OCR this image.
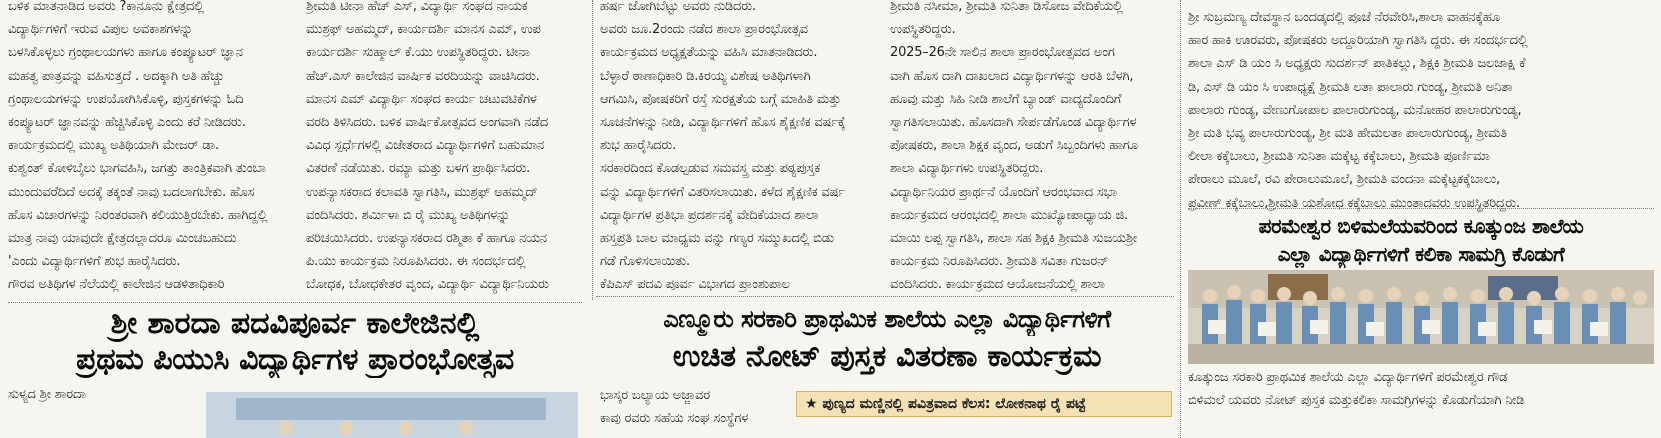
ಬಳಿಕ ಮಾತನಾಡಿದ ಅವರು ?ಕಾನೂನು ಕ್ಷೇತ್ರದಲ್ಲಿ

ವಿದ್ಯಾರ್ಥಿಗಳಿಗೆ ಇರುವ ವಿಪುಲ ಅವಕಾಶಗಳನ್ನು

ಬಳಸಿಕೊಳ್ಳಲು ಗ್ರಂಥಾಲಯಗಳು ಹಾಗೂ ಕಂಪ್ಯೂಟರ್ ಜ್ಞಾನ

ಮಹತ್ವ ಪಾತ್ರವನ್ನು ವಹಿಸುತ್ತದೆ . ಅದಕ್ಕಾಗಿ ಅತಿ ಹೆಚ್ಚು

ಗ್ರಂಥಾಲಯಗಳನ್ನು ಉಪಯೋಗಿಸಿಕೊಳ್ಳಿ, ಪುಸ್ತಕಗಳನ್ನು ಓದಿ

ಕಂಪ್ಯೂಟರ್ ಜ್ಞಾನವನ್ನು ಹೆಚ್ಚಿಸಿಕೊಳ್ಳಿ ಎಂದು ಕರೆ ನೀಡಿದರು.

ಕಾರ್ಯಕ್ರಮದಲ್ಲಿ ಮುಖ್ಯ ಅತಿಥಿಯಾಗಿ ಮೇಜರ್ ಡಾ.

ಕುಶ್ವಂತ್ ಕೋಳಿಬೈಲು ಭಾಗವಹಿಸಿ, ಜಗತ್ತು ತಾಂತ್ರಿಕವಾಗಿ ತುಂಬಾ

ಮುಂದುವರೆದಿದೆ ಅದಕ್ಕೆ ತಕ್ಕಂತೆ ನಾವು ಬದಲಾಗಬೇಕು. ಹೊಸ

ಹೊಸ ವಿಚಾರಗಳನ್ನು ನಿರಂತರವಾಗಿ ಕಲಿಯುತ್ತಿರಬೇಕು. ಹಾಗಿದ್ದಲ್ಲಿ

ಮಾತ್ರ ನಾವು ಯಾವುದೇ ಕ್ಷೇತ್ರದಲ್ಲಾದರೂ ಮಿಂಚಬಹುದು

'ಎಂದು ವಿದ್ಯಾರ್ಥಿಗಳಿಗೆ ಶುಭ ಹಾರೈಸಿದರು.

ಗೌರವ ಅತಿಥಿಗಳ ನೆಲೆಯಲ್ಲಿ ಕಾಲೇಜಿನ ಆಡಳಿತಾಧಿಕಾರಿ

ಶ್ರೀಮತಿ ಟೀನಾ ಹೆಚ್ ಎಸ್, ವಿದ್ಯಾರ್ಥಿ ಸಂಘದ ನಾಯಕ

ಮುಶ್ರಫ್ ಅಹಮ್ಮದ್, ಕಾರ್ಯದರ್ಶಿ ಮಾನಸ ಎಮ್, ಉಪ

ಕಾರ್ಯದರ್ಶಿ ಸುಹ್ಮಾಲ್ ಕೆ.ಯು ಉಪಸ್ಥಿತರಿದ್ದರು. ಟೀನಾ

ಹೆಚ್.ಎಸ್ ಕಾಲೇಜಿನ ವಾರ್ಷಿಕ ವರದಿಯನ್ನು ವಾಚಿಸಿದರು.

ಮಾನಸ ಎಮ್ ವಿದ್ಯಾರ್ಥಿ ಸಂಘದ ಕಾರ್ಯ ಚಟುವಟಿಕೆಗಳ

ವರದಿ ತಿಳಿಸಿದರು. ಬಳಿಕ ವಾರ್ಷಿಕೋತ್ಸವದ ಅಂಗವಾಗಿ ನಡೆದ

ವಿವಿಧ ಸ್ಪರ್ಧೆಗಳಲ್ಲಿ ವಿಜೇತರಾದ ವಿದ್ಯಾರ್ಥಿಗಳಿಗೆ ಬಹುಮಾನ

ವಿತರಣೆ ನಡೆಯಿತು. ರಮ್ಯಾ ಮತ್ತು ಬಳಗ ಪ್ರಾರ್ಥಿಸಿದರು.

ಉಪನ್ಯಾಸಕರಾದ ಕಲಾವತಿ ಸ್ವಾಗತಿಸಿ, ಮುಶ್ರಫ್ ಅಹಮ್ಮದ್

ವಂದಿಸಿದರು. ಶರ್ಮಿಳಾ ಬಿ ರೈ ಮುಖ್ಯ ಅತಿಥಿಗಳನ್ನು

ಪರಿಚಯಿಸಿದರು. ಉಪನ್ಯಾಸಕರಾದ ರಶ್ಮಿತಾ ಕೆ ಹಾಗೂ ನಯನ

ಪಿ.ಯು ಕಾರ್ಯಕ್ರಮ ನಿರೂಪಿಸಿದರು. ಈ ಸಂದರ್ಭದಲ್ಲಿ

ಬೋಧಕ, ಬೋಧಕೇತರ ವೃಂದ, ವಿದ್ಯಾರ್ಥಿ ವಿದ್ಯಾರ್ಥಿನಿಯರು

ಹರ್ಷ ಜೋಗಿಬೆಟ್ಟು ಅವರು ನುಡಿದರು.

ಅವರು ಜೂ.2ರಂದು ನಡೆದ ಶಾಲಾ ಪ್ರಾರಂಭೋತ್ಸವ

ಕಾರ್ಯಕ್ರಮದ ಅಧ್ಯಕ್ಷತೆಯನ್ನು ವಹಿಸಿ ಮಾತನಾಡಿದರು.

ಬೆಳ್ಳಾರೆ ಠಾಣಾಧಿಕಾರಿ ಡಿ.ಕಿರಯ್ಯ ವಿಶೇಷ ಅತಿಥಿಗಳಾಗಿ

ಆಗಮಿಸಿ, ಪೋಷಕರಿಗೆ ರಸ್ತೆ ಸುರಕ್ಷತೆಯ ಬಗ್ಗೆ ಮಾಹಿತಿ ಮತ್ತು

ಸೂಚನೆಗಳನ್ನು ನೀಡಿ, ವಿದ್ಯಾರ್ಥಿಗಳಿಗೆ ಹೊಸ ಶೈಕ್ಷಣಿಕ ವರ್ಷಕ್ಕೆ

ಶುಭ ಹಾರೈಸಿದರು.

ಸರಕಾರದಿಂದ ಕೊಡಲ್ಪಡುವ ಸಮವಸ್ತ್ರ ಮತ್ತು ಪಠ್ಯಪುಸ್ತಕ

ವನ್ನು ವಿದ್ಯಾರ್ಥಿಗಳಿಗೆ ವಿತರಿಸಲಾಯಿತು. ಕಳೆದ ಶೈಕ್ಷಣಿಕ ವರ್ಷ

ವಿದ್ಯಾರ್ಥಿಗಳ ಪ್ರತಿಭಾ ಪ್ರದರ್ಶನಕ್ಕೆ ವೇದಿಕೆಯಾದ ಶಾಲಾ

ಹಸ್ತಪ್ರತಿ ಬಾಲ ಮಾಧ್ಯಮ ವನ್ನು ಗಣ್ಯರ ಸಮ್ಮುಖದಲ್ಲಿ ಬಿಡು

ಗಡೆ ಗೊಳಿಸಲಾಯಿತು.

ಕೆಪಿಎಸ್ ಪದವಿ ಪೂರ್ವ ವಿಭಾಗದ ಪ್ರಾಂಶುಪಾಲ

ಶ್ರೀಮತಿ ನಸೀಮಾ, ಶ್ರೀಮತಿ ಸುನಿತಾ ಡಿಸೋಜ ವೇದಿಕೆಯಲ್ಲಿ

ಉಪಸ್ಥಿತರಿದ್ದರು.

2025–26ನೇ ಸಾಲಿನ ಶಾಲಾ ಪ್ರಾರಂಭೋತ್ಸವದ ಅಂಗ

ವಾಗಿ ಹೊಸ ದಾಗಿ ದಾಖಲಾದ ವಿದ್ಯಾರ್ಥಿಗಳನ್ನು ಆರತಿ ಬೆಳಗಿ,

ಹೂವು ಮತ್ತು ಸಿಹಿ ನೀಡಿ ಶಾಲೆಗೆ ಬ್ಯಾಂಡ್ ವಾದ್ಯದೊಂದಿಗೆ

ಸ್ವಾಗತಿಸಲಾಯಿತು. ಹೊಸದಾಗಿ ಸೇರ್ಪಡೆಗೊಂಡ ವಿದ್ಯಾರ್ಥಿಗಳ

ಪೋಷಕರು, ಶಾಲಾ ಶಿಕ್ಷಕ ವೃಂದ, ಅಡುಗೆ ಸಿಬ್ಬಂದಿಗಳು ಹಾಗೂ

ಶಾಲಾ ವಿದ್ಯಾರ್ಥಿಗಳು ಉಪಸ್ಥಿತರಿದ್ದರು.

ವಿದ್ಯಾರ್ಥಿನಿಯರ ಪ್ರಾರ್ಥನೆ ಯೊಂದಿಗೆ ಆರಂಭವಾದ ಸಭಾ

ಕಾರ್ಯಕ್ರಮದ ಆರಂಭದಲ್ಲಿ ಶಾಲಾ ಮುಖ್ಯೋಪಾಧ್ಯಾಯ ಜಿ.

ಮಾಯಿ ಲಪ್ಪ ಸ್ವಾಗತಿಸಿ, ಶಾಲಾ ಸಹ ಶಿಕ್ಷಕಿ ಶ್ರೀಮತಿ ಸುಜಯಶ್ರೀ

ಕಾರ್ಯಕ್ರಮ ನಿರೂಪಿಸಿದರು. ಶ್ರೀಮತಿ ಸವಿತಾ ಗುಜರನ್

ವಂದಿಸಿದರು. ಕಾರ್ಯಕ್ರಮದ ಆಯೋಜನೆಯಲ್ಲಿ ಶಾಲಾ

ಶ್ರೀ ಸುಬ್ರಮಣ್ಯ ದೇವಸ್ಥಾನ ಬಂದಡ್ಕದಲ್ಲಿ ಪೂಜೆ ನೆರವೇರಿಸಿ,ಶಾಲಾ ವಾಹನಕ್ಕೆಹೂ

ಹಾರ ಹಾಕಿ ಊರವರು, ಪೋಷಕರು ಅದ್ದೂರಿಯಾಗಿ ಸ್ವಾಗತಿಸಿ ದ್ದರು. ಈ ಸಂದರ್ಭದಲ್ಲಿ

ಶಾಲಾ ಎಸ್ ಡಿ ಯಂ ಸಿ ಅಧ್ಯಕ್ಷರು ಸುದರ್ಶನ್ ಪಾತಿಕಲ್ಲು, ಶಿಕ್ಷಕಿ ಶ್ರೀಮತಿ ಜಲಜಾಕ್ಷಿ ಕೆ

ಡಿ, ಎಸ್ ಡಿ ಯಂ ಸಿ ಉಪಾಧ್ಯಕ್ಷೆ ಶ್ರೀಮತಿ ಲತಾ ಪಾಲಾರು ಗುಂಡ್ಯ, ಶ್ರೀಮತಿ ಅನಿತಾ

ಪಾಲಾರು ಗುಂಡ್ಯ, ವೇಣುಗೋಪಾಲ ಪಾಲಾರುಗುಂಡ್ಯ, ಮನೋಹರ ಪಾಲಾರುಗುಂಡ್ಯ,

ಶ್ರೀ ಮತಿ ಭವ್ಯ ಪಾಲಾರುಗುಂಡ್ಯ, ಶ್ರೀ ಮತಿ ಹೇಮಲತಾ ಪಾಲಾರುಗುಂಡ್ಯ, ಶ್ರೀಮತಿ

ಲೀಲಾ ಕಕ್ಕೆಬಾಲು, ಶ್ರೀಮತಿ ಸುನಿತಾ ಮಕ್ಕೆಟ್ಟ ಕಕ್ಕೆಬಾಲು, ಶ್ರೀಮತಿ ಪೂರ್ಣಿಮಾ

ಪೇರಾಲು ಮೂಲೆ, ರವಿ ಪೇರಾಲುಮೂಲೆ, ಶ್ರೀಮತಿ ವಂದನಾ ಮಕ್ಕೆಟ್ಟಕಕ್ಕೆಬಾಲು,

ಪ್ರವೀಣ್ ಕಕ್ಕೆಬಾಲು,ಶ್ರೀಮತಿ ಯಶೋಧ ಕಕ್ಕೆಬಾಲು ಮುಂತಾದವರು ಉಪಸ್ಥಿತರಿದ್ದರು.

ಶ್ರೀ ಶಾರದಾ ಪದವಿಪೂರ್ವ ಕಾಲೇಜಿನಲ್ಲಿ
ಪ್ರಥಮ ಪಿಯುಸಿ ವಿದ್ಯಾರ್ಥಿಗಳ ಪ್ರಾರಂಭೋತ್ಸವ
ಎಣ್ಮೂರು ಸರಕಾರಿ ಪ್ರಾಥಮಿಕ ಶಾಲೆಯ ಎಲ್ಲಾ ವಿದ್ಯಾರ್ಥಿಗಳಿಗೆ
ಉಚಿತ ನೋಟ್ ಪುಸ್ತಕ ವಿತರಣಾ ಕಾರ್ಯಕ್ರಮ
ಪರಮೇಶ್ವರ ಬಿಳಿಮಲೆಯವರಿಂದ ಕೂತ್ಕುಂಜ ಶಾಲೆಯ
ಎಲ್ಲಾ ವಿದ್ಯಾರ್ಥಿಗಳಿಗೆ ಕಲಿಕಾ ಸಾಮಗ್ರಿ ಕೊಡುಗೆ

ಕೂತ್ಕುಂಜ ಸರಕಾರಿ ಪ್ರಾಥಮಿಕ ಶಾಲೆಯ ಎಲ್ಲಾ ವಿದ್ಯಾರ್ಥಿಗಳಿಗೆ ಪರಮೇಶ್ವರ ಗೌಡ

ಬಿಳಿಮಲೆ ಯವರು ನೋಟ್ ಪುಸ್ತಕ ಮತ್ತುಕಲಿಕಾ ಸಾಮಗ್ರಿಗಳನ್ನು ಕೊಡುಗೆಯಾಗಿ ನೀಡಿ

ಸುಳ್ಯದ ಶ್ರೀ ಶಾರದಾ	ಭಾಸ್ಕರ ಬಲ್ಯಾಯ ಅಜ್ಜಾವರ

ಕಾವು ರವರು ಸಹೆಯ ಸಂಘ ಸಂಸ್ಥೆಗಳ

★ ಪುಣ್ಯದ ಮಣ್ಣಿನಲ್ಲಿ ಪವಿತ್ರವಾದ ಕೆಲಸ: ಲೋಕನಾಥ ರೈ ಪಟ್ಟೆ
